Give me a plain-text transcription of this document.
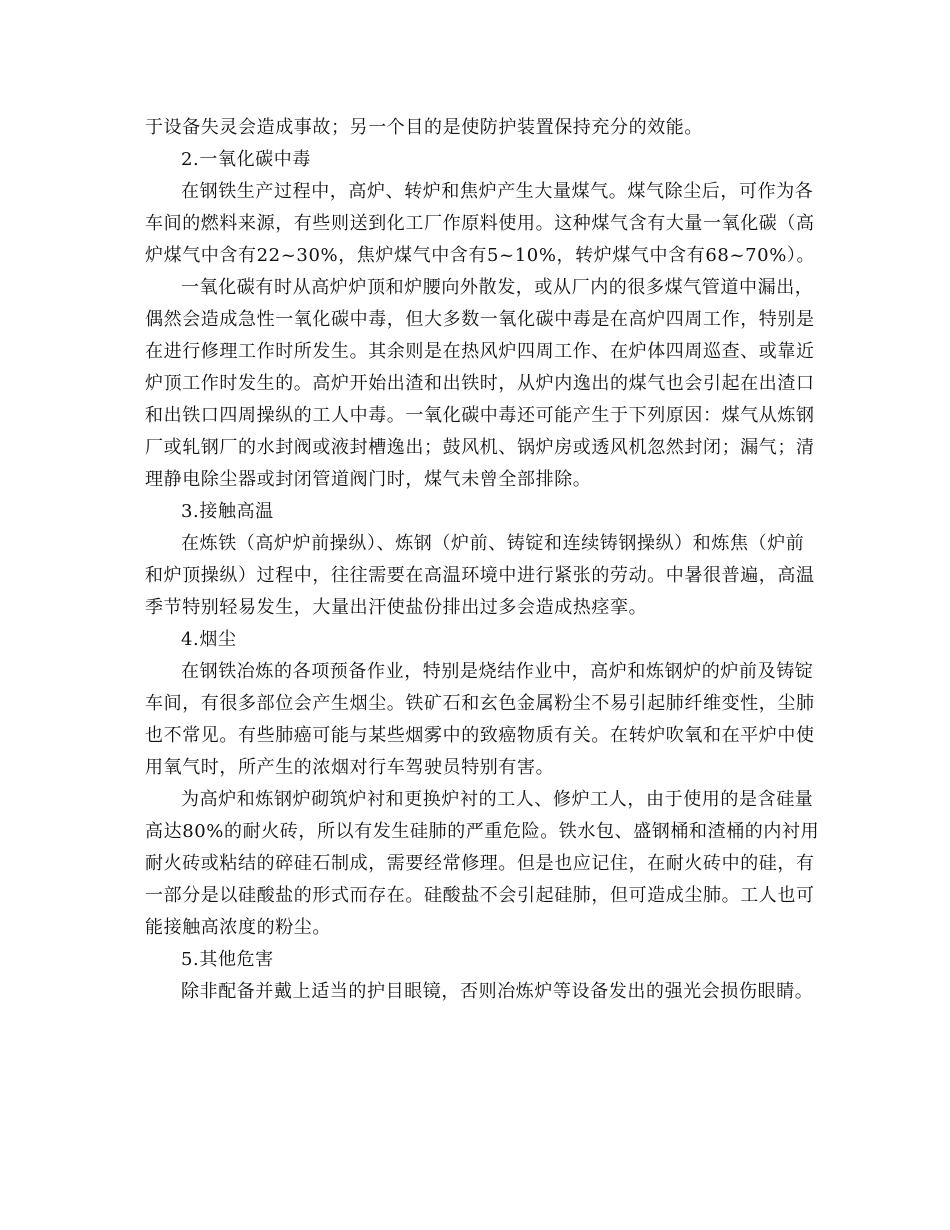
于设备失灵会造成事故；另一个目的是使防护装置保持充分的效能。
2.一氧化碳中毒
在钢铁生产过程中，高炉、转炉和焦炉产生大量煤气。煤气除尘后，可作为各
车间的燃料来源，有些则送到化工厂作原料使用。这种煤气含有大量一氧化碳（高
炉煤气中含有22~30%，焦炉煤气中含有5~10%，转炉煤气中含有68~70%）。
一氧化碳有时从高炉炉顶和炉腰向外散发，或从厂内的很多煤气管道中漏出，
偶然会造成急性一氧化碳中毒，但大多数一氧化碳中毒是在高炉四周工作，特别是
在进行修理工作时所发生。其余则是在热风炉四周工作、在炉体四周巡查、或靠近
炉顶工作时发生的。高炉开始出渣和出铁时，从炉内逸出的煤气也会引起在出渣口
和出铁口四周操纵的工人中毒。一氧化碳中毒还可能产生于下列原因：煤气从炼钢
厂或轧钢厂的水封阀或液封槽逸出；鼓风机、锅炉房或透风机忽然封闭；漏气；清
理静电除尘器或封闭管道阀门时，煤气未曾全部排除。
3.接触高温
在炼铁（高炉炉前操纵）、炼钢（炉前、铸锭和连续铸钢操纵）和炼焦（炉前
和炉顶操纵）过程中，往往需要在高温环境中进行紧张的劳动。中暑很普遍，高温
季节特别轻易发生，大量出汗使盐份排出过多会造成热痉挛。
4.烟尘
在钢铁冶炼的各项预备作业，特别是烧结作业中，高炉和炼钢炉的炉前及铸锭
车间，有很多部位会产生烟尘。铁矿石和玄色金属粉尘不易引起肺纤维变性，尘肺
也不常见。有些肺癌可能与某些烟雾中的致癌物质有关。在转炉吹氧和在平炉中使
用氧气时，所产生的浓烟对行车驾驶员特别有害。
为高炉和炼钢炉砌筑炉衬和更换炉衬的工人、修炉工人，由于使用的是含硅量
高达80%的耐火砖，所以有发生硅肺的严重危险。铁水包、盛钢桶和渣桶的内衬用
耐火砖或粘结的碎硅石制成，需要经常修理。但是也应记住，在耐火砖中的硅，有
一部分是以硅酸盐的形式而存在。硅酸盐不会引起硅肺，但可造成尘肺。工人也可
能接触高浓度的粉尘。
5.其他危害
除非配备并戴上适当的护目眼镜，否则冶炼炉等设备发出的强光会损伤眼睛。
